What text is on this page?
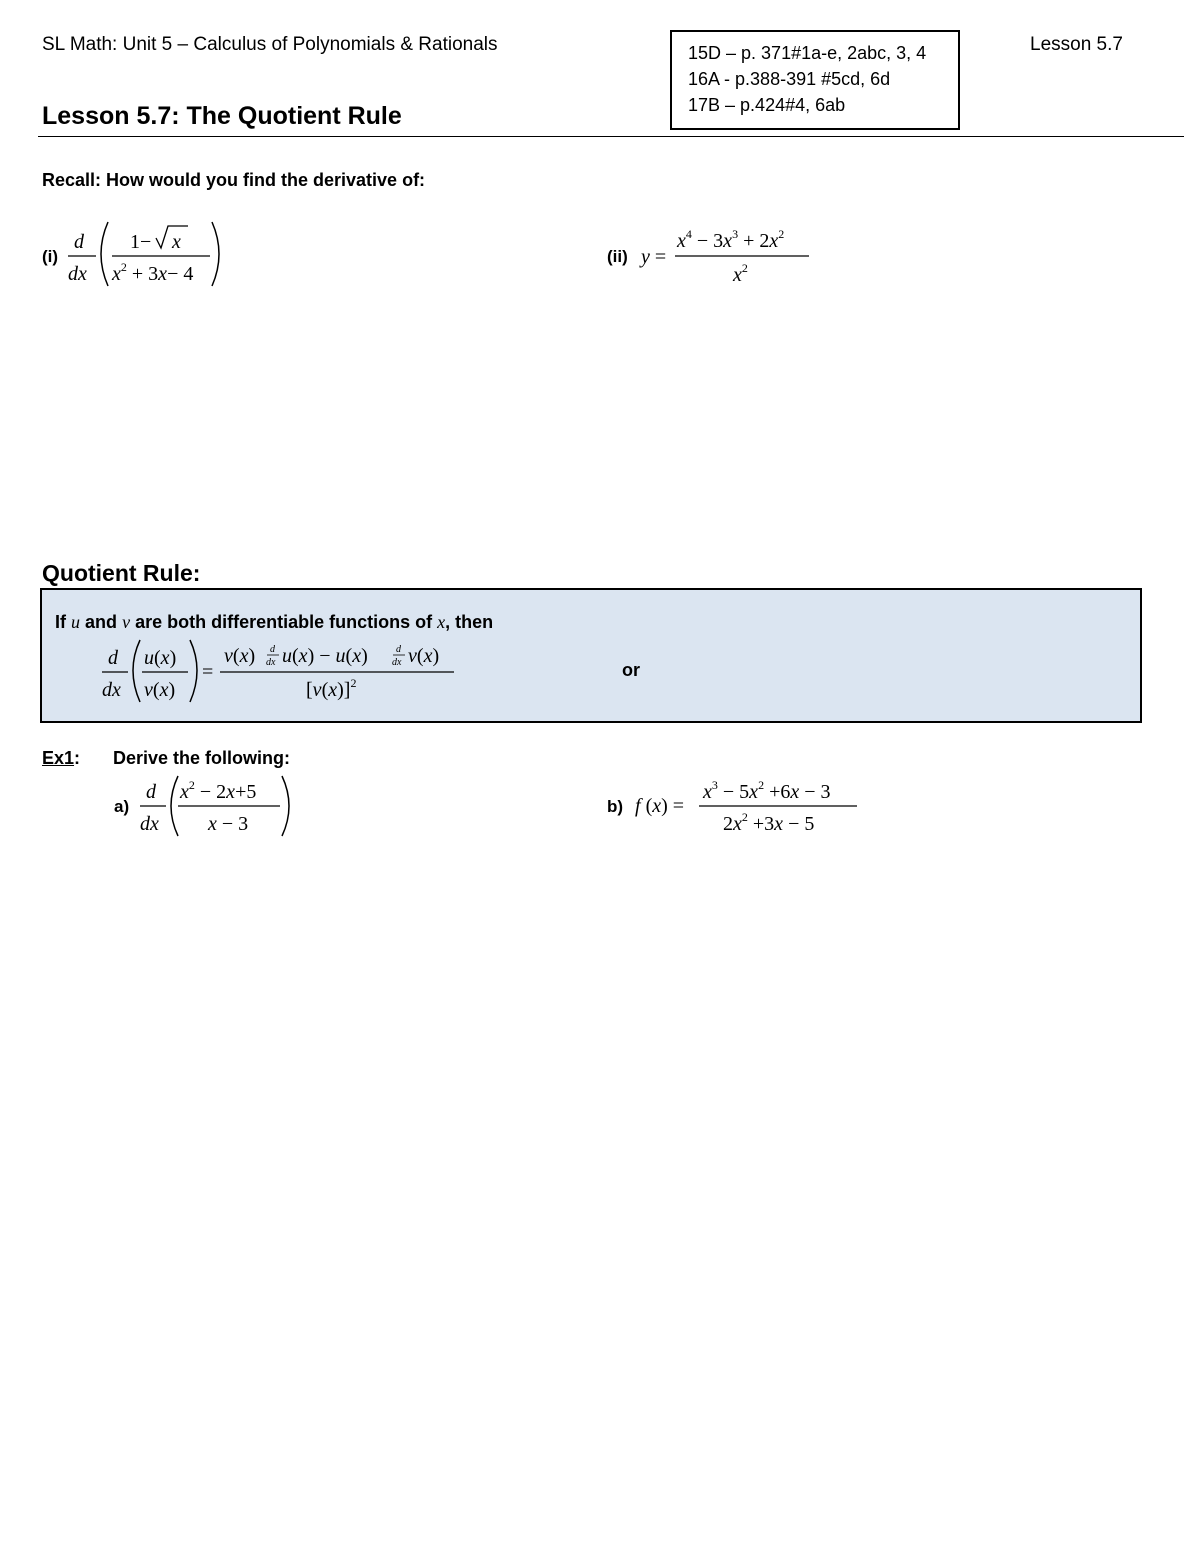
SL Math: Unit 5 – Calculus of Polynomials & Rationals	Lesson 5.7
15D – p. 371#1a-e, 2abc, 3, 4
16A - p.388-391 #5cd, 6d
17B – p.424#4, 6ab
Lesson 5.7: The Quotient Rule
Recall: How would you find the derivative of:
(i)
d
dx
1− x
$x^2 + 3x- 4$
(ii) y =
$x^4 - 3x^3 + 2x^2$
$x^2$
Quotient Rule:
If u and v are both differentiable functions of x, then
d
dx
u(x)
v(x)
=
v(x) d
dx u(x) − u(x)	d
dx v(x)
$[v(x)]^2$
or
Ex1: Derive the following:
a)
d
dx
$x^2 - 2x+5$
x − 3
b) f (x) =
$x^3 - 5x^2 +6x - 3$
$2x^2 +3x - 5$
